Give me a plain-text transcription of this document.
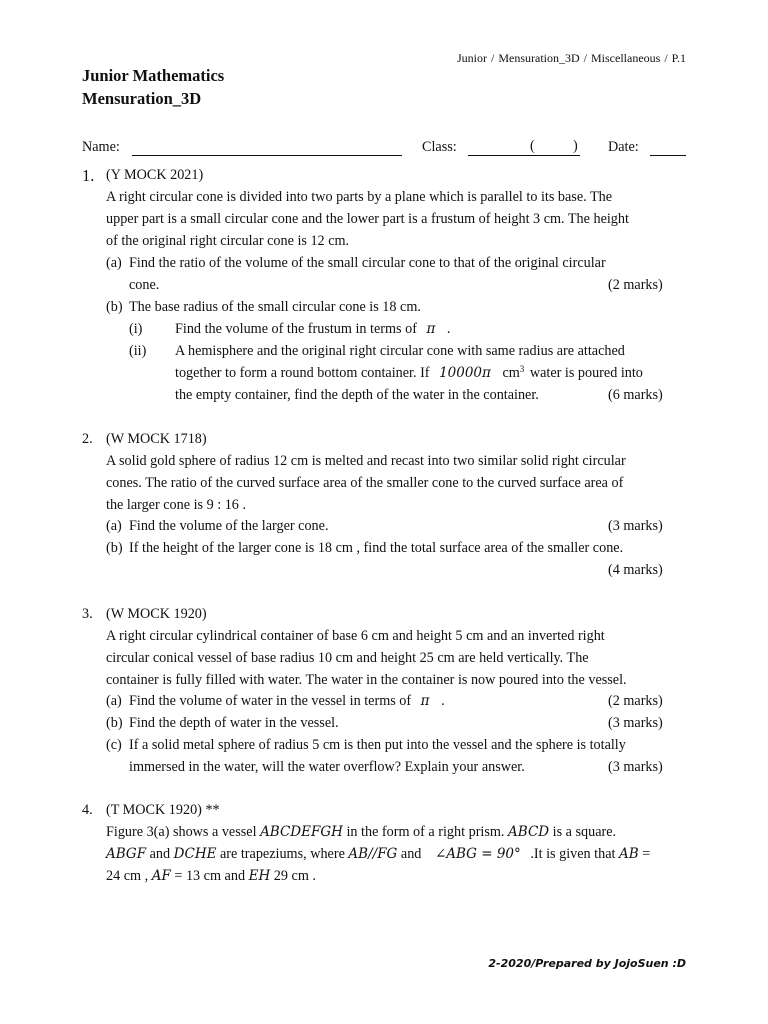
Junior / Mensuration_3D / Miscellaneous / P.1
Junior Mathematics
Mensuration_3D
Name:	Class:	(	) Date:
1. (Y MOCK 2021)
A right circular cone is divided into two parts by a plane which is parallel to its base. The
upper part is a small circular cone and the lower part is a frustum of height 3 cm. The height
of the original right circular cone is 12 cm.
(a) Find the ratio of the volume of the small circular cone to that of the original circular
cone.	(2 marks)
(b) The base radius of the small circular cone is 18 cm.
(i) Find the volume of the frustum in terms of π .
(ii) A hemisphere and the original right circular cone with same radius are attached
together to form a round bottom container. If 10000π $cm^3$ water is poured into
the empty container, find the depth of the water in the container.	(6 marks)
2. (W MOCK 1718)
A solid gold sphere of radius 12 cm is melted and recast into two similar solid right circular
cones. The ratio of the curved surface area of the smaller cone to the curved surface area of
the larger cone is 9 : 16 .
(a) Find the volume of the larger cone.	(3 marks)
(b) If the height of the larger cone is 18 cm , find the total surface area of the smaller cone.
(4 marks)
3. (W MOCK 1920)
A right circular cylindrical container of base 6 cm and height 5 cm and an inverted right
circular conical vessel of base radius 10 cm and height 25 cm are held vertically. The
container is fully filled with water. The water in the container is now poured into the vessel.
(a) Find the volume of water in the vessel in terms of π .	(2 marks)
(b) Find the depth of water in the vessel.	(3 marks)
(c) If a solid metal sphere of radius 5 cm is then put into the vessel and the sphere is totally
immersed in the water, will the water overflow? Explain your answer.	(3 marks)
4. (T MOCK 1920) **
Figure 3(a) shows a vessel ABCDEFGH in the form of a right prism. ABCD is a square.
ABGF and DCHE are trapeziums, where AB//FG and ∠ABG = 90° .It is given that AB =
24 cm , AF = 13 cm and EH 29 cm .
2-2020/Prepared by JojoSuen :D
